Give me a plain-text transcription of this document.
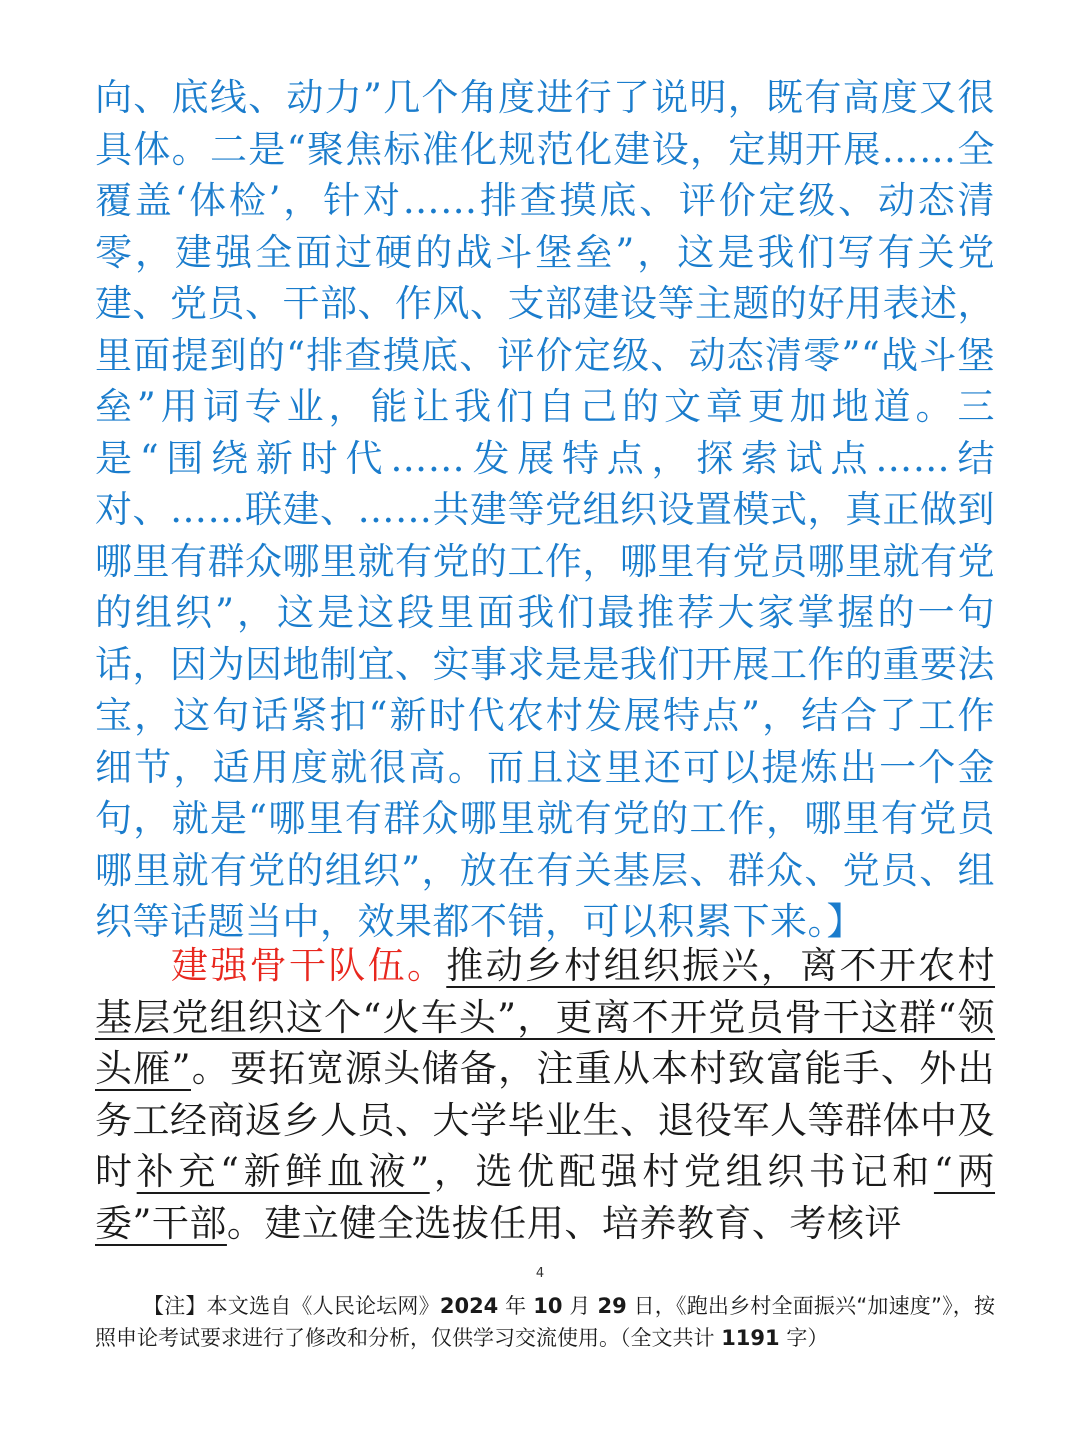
向、底线、动力”几个角度进行了说明，既有高度又很具体。二是“聚焦标准化规范化建设，定期开展……全覆盖‘体检’，针对……排查摸底、评价定级、动态清零，建强全面过硬的战斗堡垒”，这是我们写有关党建、党员、干部、作风、支部建设等主题的好用表述，里面提到的“排查摸底、评价定级、动态清零”“战斗堡垒”用词专业，能让我们自己的文章更加地道。三是“围绕新时代……发展特点，探索试点……结对、……联建、……共建等党组织设置模式，真正做到哪里有群众哪里就有党的工作，哪里有党员哪里就有党的组织”，这是这段里面我们最推荐大家掌握的一句话，因为因地制宜、实事求是是我们开展工作的重要法宝，这句话紧扣“新时代农村发展特点”，结合了工作细节，适用度就很高。而且这里还可以提炼出一个金句，就是“哪里有群众哪里就有党的工作，哪里有党员哪里就有党的组织”，放在有关基层、群众、党员、组织等话题当中，效果都不错，可以积累下来。】

建强骨干队伍。推动乡村组织振兴，离不开农村基层党组织这个“火车头”，更离不开党员骨干这群“领头雁”。要拓宽源头储备，注重从本村致富能手、外出务工经商返乡人员、大学毕业生、退役军人等群体中及时补充“新鲜血液”，选优配强村党组织书记和“两委”干部。建立健全选拔任用、培养教育、考核评

4

【注】本文选自《人民论坛网》2024 年 10 月 29 日，《跑出乡村全面振兴“加速度”》，按照申论考试要求进行了修改和分析，仅供学习交流使用。（全文共计 1191 字）
